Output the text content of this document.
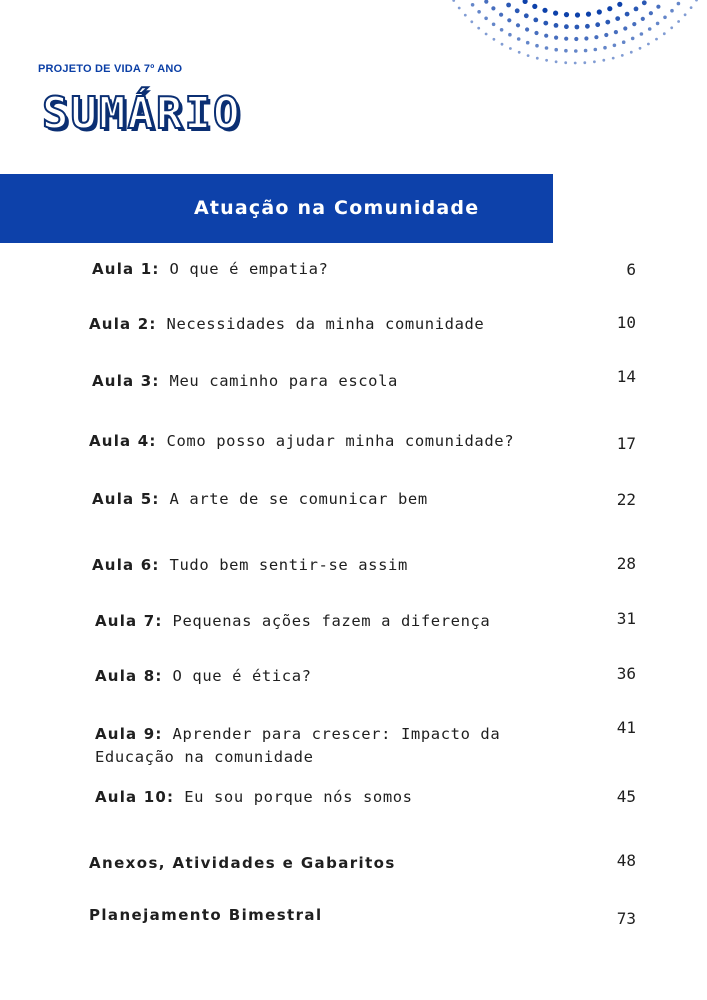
PROJETO DE VIDA 7º ANO
SUMÁRIO
Atuação na Comunidade
Aula 1: O que é empatia?	6
Aula 2: Necessidades da minha comunidade	10
Aula 3: Meu caminho para escola	14
Aula 4: Como posso ajudar minha comunidade?	17
Aula 5: A arte de se comunicar bem	22
Aula 6: Tudo bem sentir-se assim	28
Aula 7: Pequenas ações fazem a diferença	31
Aula 8: O que é ética?	36
Aula 9: Aprender para crescer: Impacto da
Educação na comunidade
41
Aula 10: Eu sou porque nós somos	45
Anexos, Atividades e Gabaritos	48
Planejamento Bimestral	73
